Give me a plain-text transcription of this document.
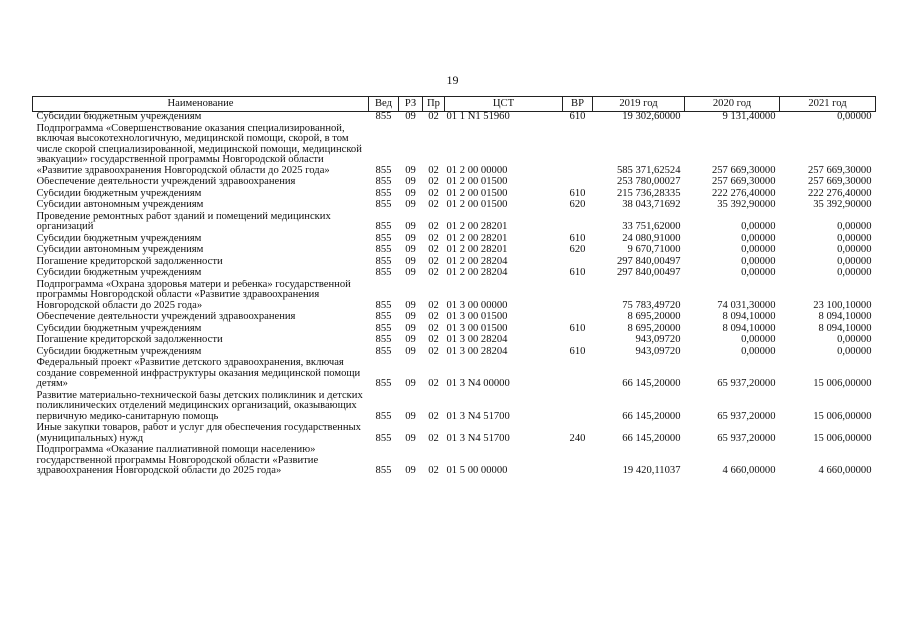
19
Наименование	Вед	РЗ	Пр	ЦСТ	ВР	2019 год	2020 год	2021 год
Субсидии бюджетным учреждениям	855	09	02	01 1 N1 51960	610	19 302,60000	9 131,40000	0,00000
Подпрограмма «Совершенствование оказания специализированной, включая высокотехнологичную, медицинской помощи, скорой, в том числе скорой специализированной, медицинской помощи, медицинской эвакуации» государственной программы Новгородской области «Развитие здравоохранения Новгородской области до 2025 года»	855	09	02	01 2 00 00000		585 371,62524	257 669,30000	257 669,30000
Обеспечение деятельности учреждений здравоохранения	855	09	02	01 2 00 01500		253 780,00027	257 669,30000	257 669,30000
Субсидии бюджетным учреждениям	855	09	02	01 2 00 01500	610	215 736,28335	222 276,40000	222 276,40000
Субсидии автономным учреждениям	855	09	02	01 2 00 01500	620	38 043,71692	35 392,90000	35 392,90000
Проведение ремонтных работ зданий и помещений медицинских организаций	855	09	02	01 2 00 28201		33 751,62000	0,00000	0,00000
Субсидии бюджетным учреждениям	855	09	02	01 2 00 28201	610	24 080,91000	0,00000	0,00000
Субсидии автономным учреждениям	855	09	02	01 2 00 28201	620	9 670,71000	0,00000	0,00000
Погашение кредиторской задолженности	855	09	02	01 2 00 28204		297 840,00497	0,00000	0,00000
Субсидии бюджетным учреждениям	855	09	02	01 2 00 28204	610	297 840,00497	0,00000	0,00000
Подпрограмма «Охрана здоровья матери и ребенка» государственной программы Новгородской области «Развитие здравоохранения Новгородской области до 2025 года»	855	09	02	01 3 00 00000		75 783,49720	74 031,30000	23 100,10000
Обеспечение деятельности учреждений здравоохранения	855	09	02	01 3 00 01500		8 695,20000	8 094,10000	8 094,10000
Субсидии бюджетным учреждениям	855	09	02	01 3 00 01500	610	8 695,20000	8 094,10000	8 094,10000
Погашение кредиторской задолженности	855	09	02	01 3 00 28204		943,09720	0,00000	0,00000
Субсидии бюджетным учреждениям	855	09	02	01 3 00 28204	610	943,09720	0,00000	0,00000
Федеральный проект «Развитие детского здравоохранения, включая создание современной инфраструктуры оказания медицинской помощи детям»	855	09	02	01 3 N4 00000		66 145,20000	65 937,20000	15 006,00000
Развитие материально-технической базы детских поликлиник и детских поликлинических отделений медицинских организаций, оказывающих первичную медико-санитарную помощь	855	09	02	01 3 N4 51700		66 145,20000	65 937,20000	15 006,00000
Иные закупки товаров, работ и услуг для обеспечения государственных (муниципальных) нужд	855	09	02	01 3 N4 51700	240	66 145,20000	65 937,20000	15 006,00000
Подпрограмма «Оказание паллиативной помощи населению» государственной программы Новгородской области «Развитие здравоохранения Новгородской области до 2025 года»	855	09	02	01 5 00 00000		19 420,11037	4 660,00000	4 660,00000
